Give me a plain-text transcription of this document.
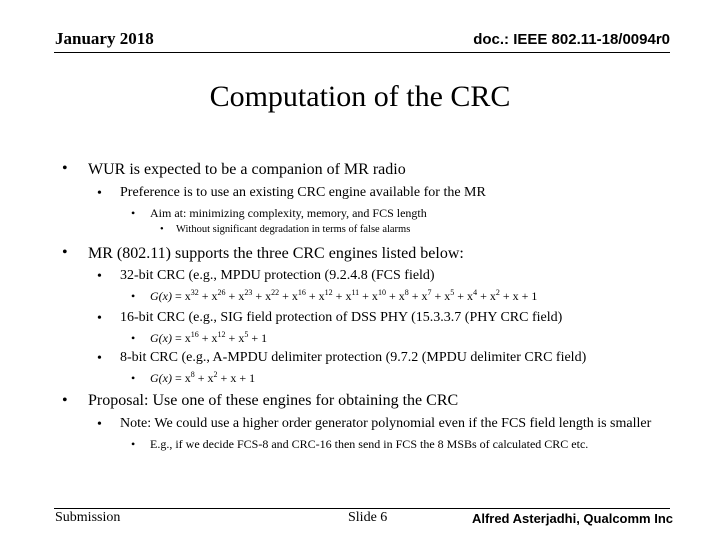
January 2018	doc.: IEEE 802.11-18/0094r0
Computation of the CRC
• WUR is expected to be a companion of MR radio
• Preference is to use an existing CRC engine available for the MR
• Aim at: minimizing complexity, memory, and FCS length
• Without significant degradation in terms of false alarms
• MR (802.11) supports the three CRC engines listed below:
• 32-bit CRC (e.g., MPDU protection (9.2.4.8 (FCS field)
• $G(x) = x^{32} + x^{26} + x^{23} + x^{22} + x^{16} + x^{12} + x^{11} + x^{10} + x^8 + x^7 + x^5 + x^4 + x^2 + x + 1$
• 16-bit CRC (e.g., SIG field protection of DSS PHY (15.3.3.7 (PHY CRC field)
• $G(x) = x^{16} + x^{12} + x^5 + 1$
• 8-bit CRC (e.g., A-MPDU delimiter protection (9.7.2 (MPDU delimiter CRC field)
• $G(x) = x^8 + x^2 + x + 1$
• Proposal: Use one of these engines for obtaining the CRC
• Note: We could use a higher order generator polynomial even if the FCS field length is smaller
• E.g., if we decide FCS-8 and CRC-16 then send in FCS the 8 MSBs of calculated CRC etc.
Submission	Slide 6	Alfred Asterjadhi, Qualcomm Inc
